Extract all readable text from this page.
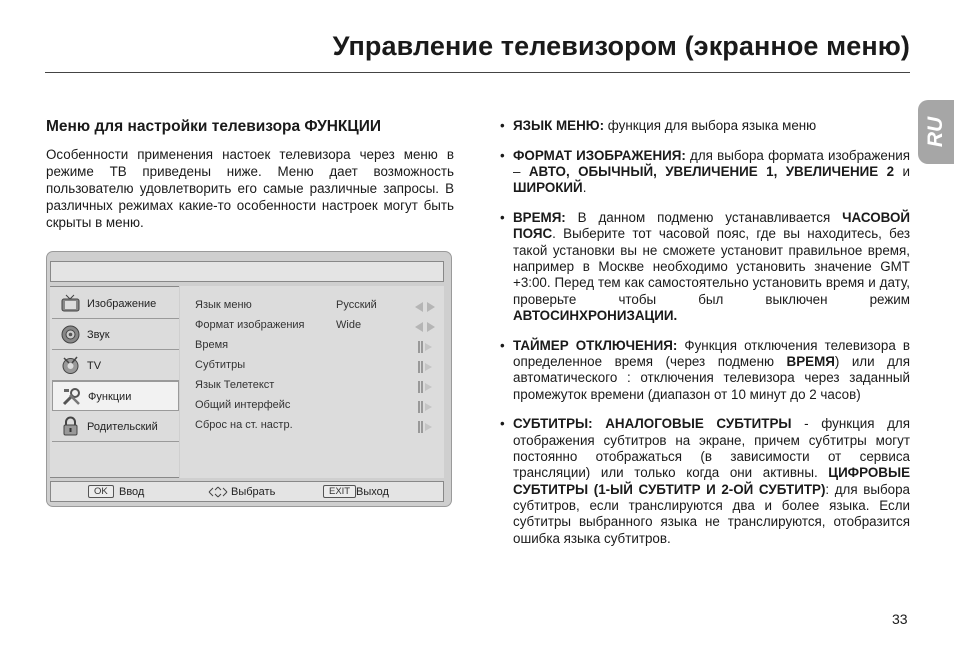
Управление телевизором (экранное меню)
RU
Меню для настройки телевизора ФУНКЦИИ
Особенности применения настоек телевизора через меню в режиме ТВ приведены ниже. Меню дает возможность пользователю удовлетворить его самые различные запросы. В различных режимах какие-то особенности настроек могут быть скрыты в меню.
Изображение
Звук
TV
Функции
Родительский
Язык меню	Русский
Формат изображения	Wide
Время
Субтитры
Язык Телетекст
Общий интерфейс
Сброс на ст. настр.
OK	Ввод	Выбрать	EXIT Выход
• ЯЗЫК МЕНЮ: функция для выбора языка меню
• ФОРМАТ ИЗОБРАЖЕНИЯ: для выбора формата изображения – АВТО, ОБЫЧНЫЙ, УВЕЛИЧЕНИЕ 1, УВЕЛИЧЕНИЕ 2 и ШИРОКИЙ.
• ВРЕМЯ: В данном подменю устанавливается ЧАСОВОЙ ПОЯС. Выберите тот часовой пояс, где вы находитесь, без такой установки вы не сможете установит правильное время, например в Москве необходимо установить значение GMT +3:00. Перед тем как самостоятельно установить время и дату, проверьте чтобы был выключен режим АВТОСИНХРОНИЗАЦИИ.
• ТАЙМЕР ОТКЛЮЧЕНИЯ: Функция отключения телевизора в определенное время (через подменю ВРЕМЯ) или для автоматического : отключения телевизора через заданный промежуток времени (диапазон от 10 минут до 2 часов)
• СУБТИТРЫ: АНАЛОГОВЫЕ СУБТИТРЫ - функция для отображения субтитров на экране, причем субтитры могут постоянно отображаться (в зависимости от сервиса трансляции) или только когда они активны. ЦИФРОВЫЕ СУБТИТРЫ (1-ЫЙ СУБТИТР И 2-ОЙ СУБТИТР): для выбора субтитров, если транслируются два и более языка. Если субтитры выбранного языка не транслируются, отобразится ошибка языка субтитров.
33
